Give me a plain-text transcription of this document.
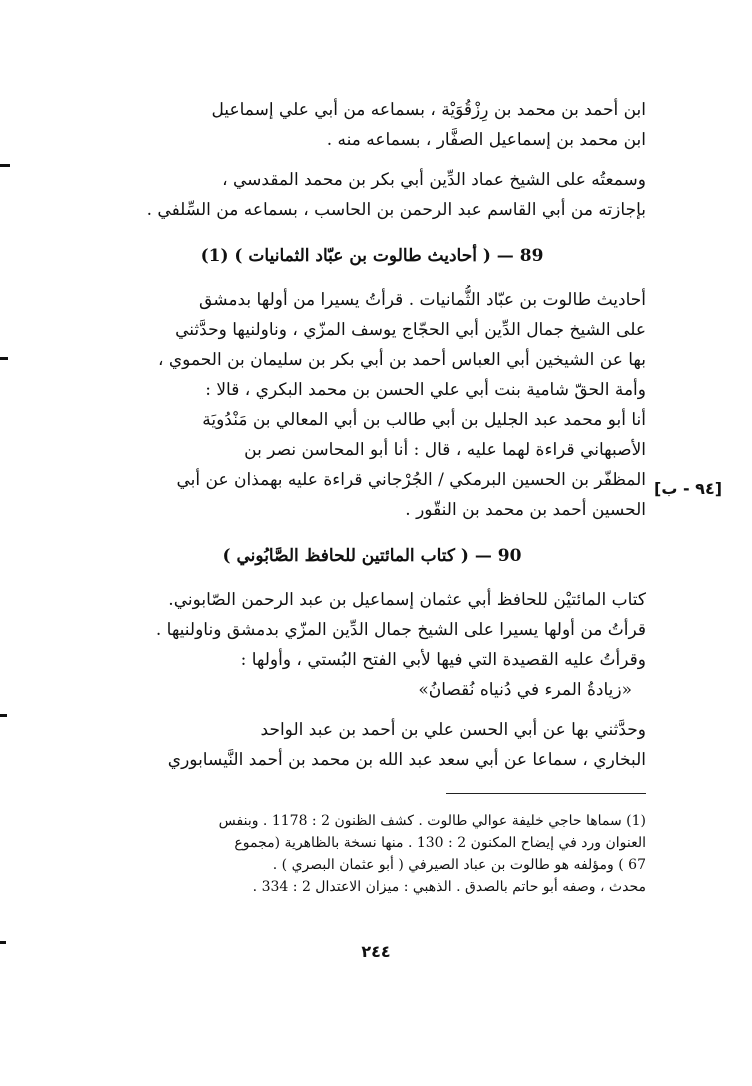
ابن أحمد بن محمد بن رِزْقُوَيْة ، بسماعه من أبي علي إسماعيل
ابن محمد بن إسماعيل الصفَّار ، بسماعه منه .
وسمعتُه على الشيخ عماد الدِّين أبي بكر بن محمد المقدسي ،
بإجازته من أبي القاسم عبد الرحمن بن الحاسب ، بسماعه من السِّلفي .
89 — ( أحاديث طالوت بن عبّاد الثمانيات ) (1)
أحاديث طالوت بن عبّاد الثُّمانيات . قرأتُ يسيرا من أولها بدمشق
على الشيخ جمال الدِّين أبي الحجّاج يوسف المزّي ، وناولنيها وحدَّثني
بها عن الشيخين أبي العباس أحمد بن أبي بكر بن سليمان بن الحموي ،
وأمة الحقّ شامية بنت أبي علي الحسن بن محمد البكري ، قالا :
أنا أبو محمد عبد الجليل بن أبي طالب بن أبي المعالي بن مَنْدُويَة
الأصبهاني قراءة لهما عليه ، قال : أنا أبو المحاسن نصر بن
المظفّر بن الحسين البرمكي / الجُرْجاني قراءة عليه بهمذان عن أبي
الحسين أحمد بن محمد بن النقّور .
90 — ( كتاب المائتين للحافظ الصَّابُوني )
كتاب المائتيْن للحافظ أبي عثمان إسماعيل بن عبد الرحمن الصّابوني.
قرأتُ من أولها يسيرا على الشيخ جمال الدِّين المزّي بدمشق وناولنيها .
وقرأتُ عليه القصيدة التي فيها لأبي الفتح البُستي ، وأولها :
«زيادةُ المرء في دُنياه نُقصانُ»
وحدَّثني بها عن أبي الحسن علي بن أحمد بن عبد الواحد
البخاري ، سماعا عن أبي سعد عبد الله بن محمد بن أحمد النَّيسابوري
(1) سماها حاجي خليفة عوالي طالوت . كشف الظنون 2 : 1178 . وبنفس
العنوان ورد في إيضاح المكنون 2 : 130 . منها نسخة بالظاهرية (مجموع
67 ) ومؤلفه هو طالوت بن عباد الصيرفي ( أبو عثمان البصري ) .
محدث ، وصفه أبو حاتم بالصدق . الذهبي : ميزان الاعتدال 2 : 334 .
[٩٤ - ب]
٢٤٤
